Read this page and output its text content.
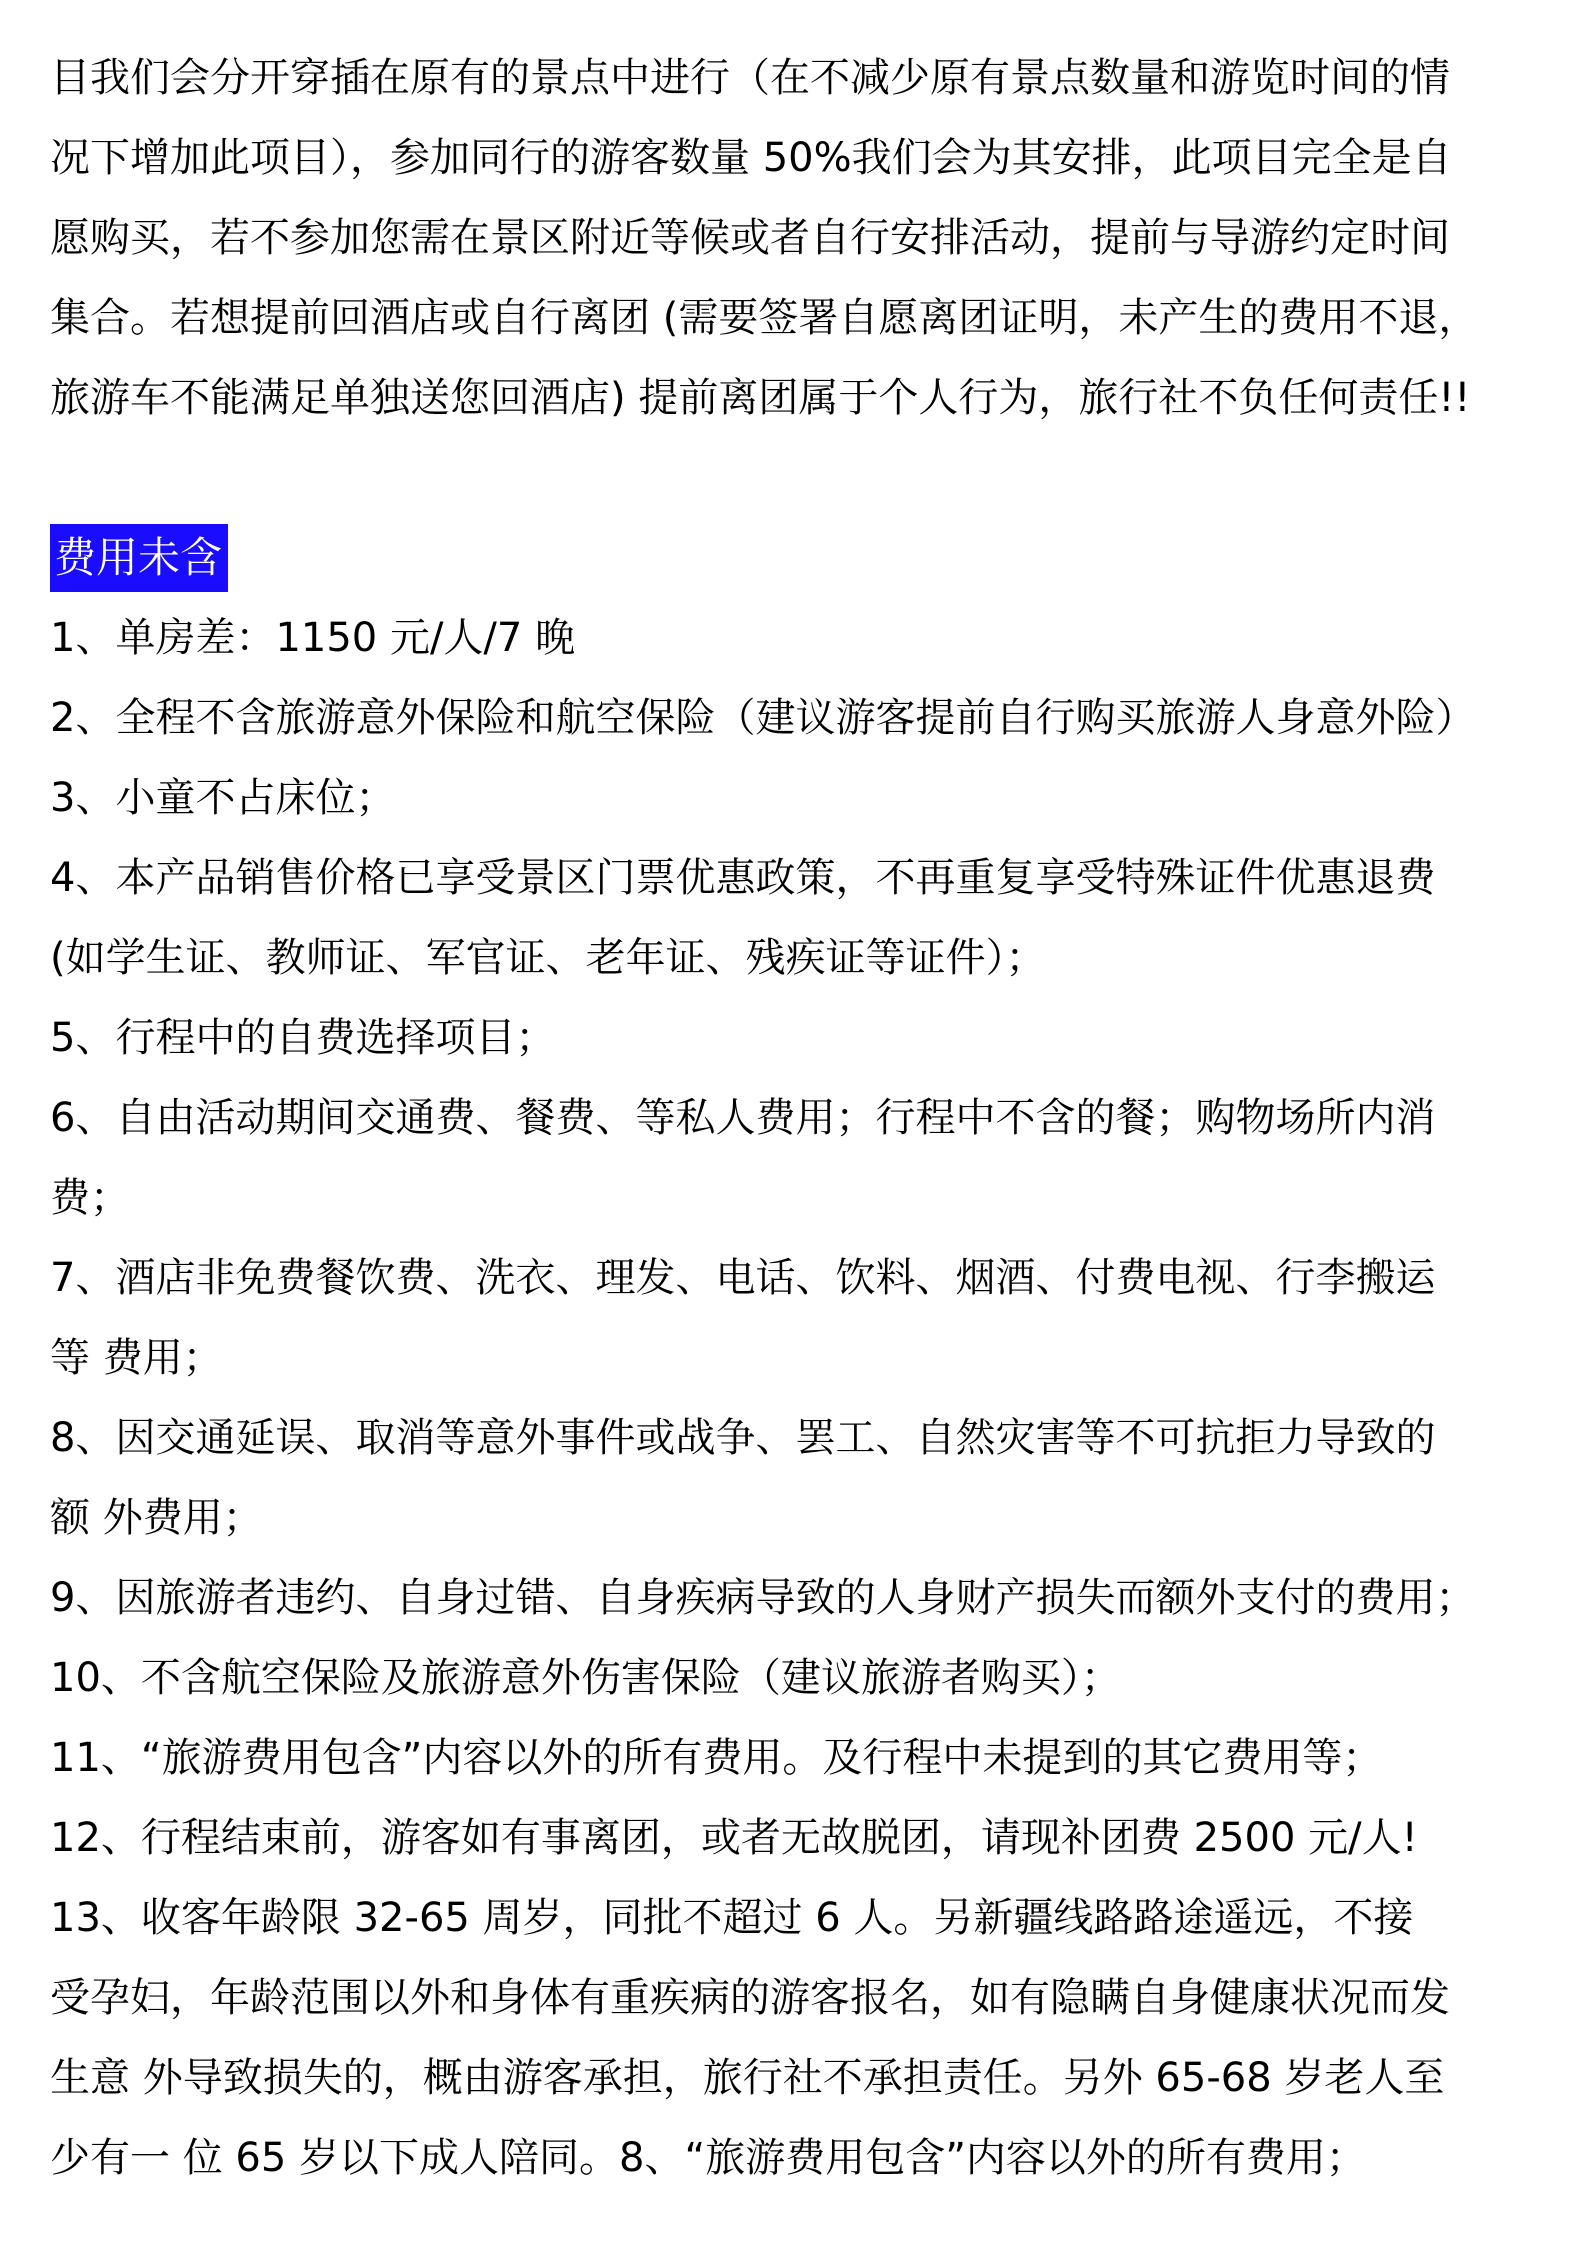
目我们会分开穿插在原有的景点中进行（在不减少原有景点数量和游览时间的情
况下增加此项目），参加同行的游客数量 50%我们会为其安排，此项目完全是自
愿购买，若不参加您需在景区附近等候或者自行安排活动，提前与导游约定时间
集合。若想提前回酒店或自行离团 (需要签署自愿离团证明，未产生的费用不退，
旅游车不能满足单独送您回酒店) 提前离团属于个人行为，旅行社不负任何责任!!
费用未含
1、单房差：1150 元/人/7 晚
2、全程不含旅游意外保险和航空保险（建议游客提前自行购买旅游人身意外险）
3、小童不占床位；
4、本产品销售价格已享受景区门票优惠政策，不再重复享受特殊证件优惠退费
(如学生证、教师证、军官证、老年证、残疾证等证件）；
5、行程中的自费选择项目；
6、自由活动期间交通费、餐费、等私人费用；行程中不含的餐；购物场所内消
费；
7、酒店非免费餐饮费、洗衣、理发、电话、饮料、烟酒、付费电视、行李搬运
等 费用；
8、因交通延误、取消等意外事件或战争、罢工、自然灾害等不可抗拒力导致的
额 外费用；
9、因旅游者违约、自身过错、自身疾病导致的人身财产损失而额外支付的费用；
10、不含航空保险及旅游意外伤害保险（建议旅游者购买）；
11、“旅游费用包含”内容以外的所有费用。及行程中未提到的其它费用等；
12、行程结束前，游客如有事离团，或者无故脱团，请现补团费 2500 元/人!
13、收客年龄限 32-65 周岁，同批不超过 6 人。另新疆线路路途遥远，不接
受孕妇，年龄范围以外和身体有重疾病的游客报名，如有隐瞒自身健康状况而发
生意 外导致损失的，概由游客承担，旅行社不承担责任。另外 65-68 岁老人至
少有一 位 65 岁以下成人陪同。8、“旅游费用包含”内容以外的所有费用；
